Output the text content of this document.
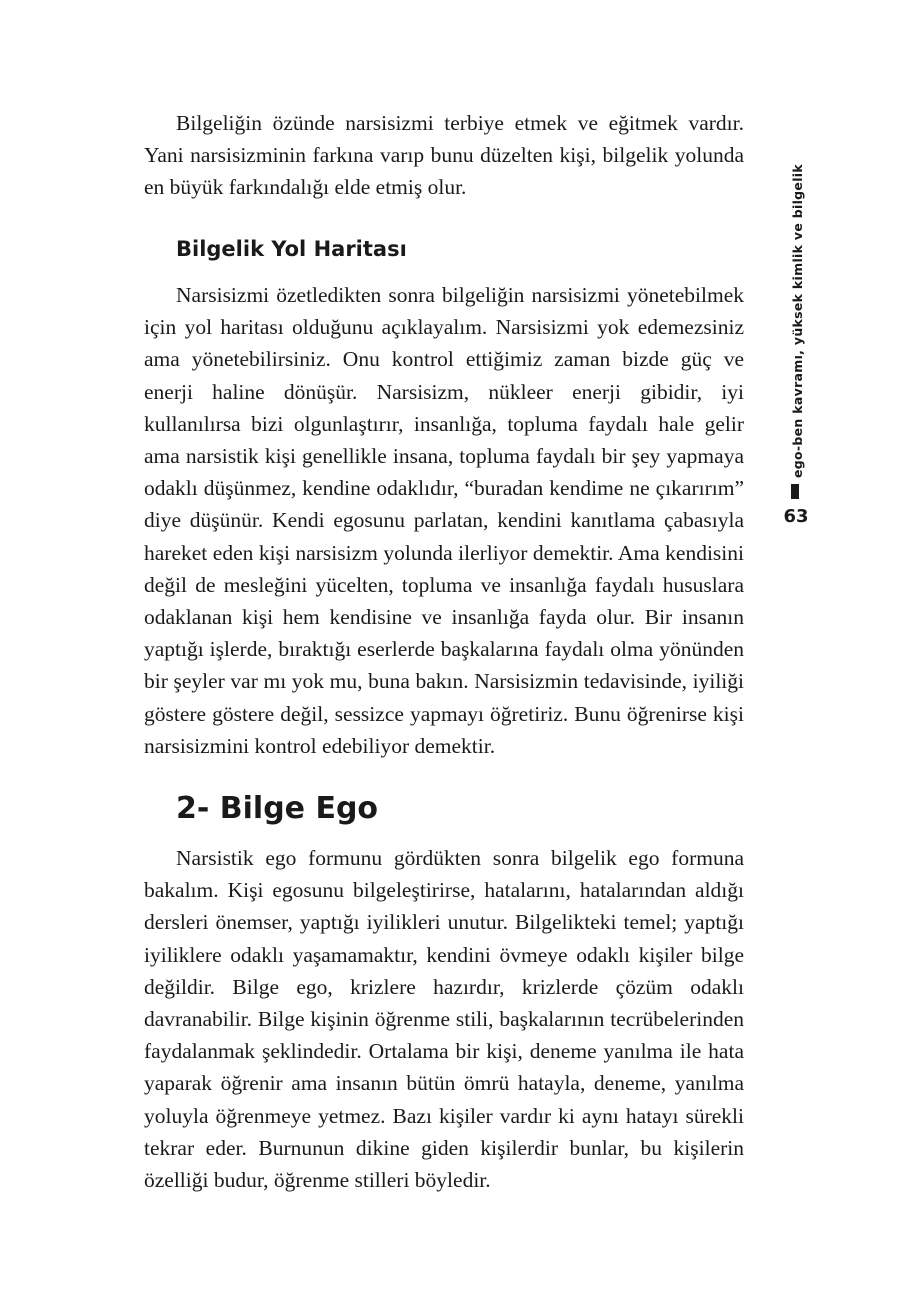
Bilgeliğin özünde narsisizmi terbiye etmek ve eğitmek vardır. Yani narsisizminin farkına varıp bunu düzelten kişi, bilgelik yolunda en büyük farkındalığı elde etmiş olur.

Bilgelik Yol Haritası

Narsisizmi özetledikten sonra bilgeliğin narsisizmi yönetebilmek için yol haritası olduğunu açıklayalım. Narsisizmi yok edemezsiniz ama yönetebilirsiniz. Onu kontrol ettiğimiz zaman bizde güç ve enerji haline dönüşür. Narsisizm, nükleer enerji gibidir, iyi kullanılırsa bizi olgunlaştırır, insanlığa, topluma faydalı hale gelir ama narsistik kişi genellikle insana, topluma faydalı bir şey yapmaya odaklı düşünmez, kendine odaklıdır, “buradan kendime ne çıkarırım” diye düşünür. Kendi egosunu parlatan, kendini kanıtlama çabasıyla hareket eden kişi narsisizm yolunda ilerliyor demektir. Ama kendisini değil de mesleğini yücelten, topluma ve insanlığa faydalı hususlara odaklanan kişi hem kendisine ve insanlığa fayda olur. Bir insanın yaptığı işlerde, bıraktığı eserlerde başkalarına faydalı olma yönünden bir şeyler var mı yok mu, buna bakın. Narsisizmin tedavisinde, iyiliği göstere göstere değil, sessizce yapmayı öğretiriz. Bunu öğrenirse kişi narsisizmini kontrol edebiliyor demektir.

2- Bilge Ego

Narsistik ego formunu gördükten sonra bilgelik ego formuna bakalım. Kişi egosunu bilgeleştirirse, hatalarını, hatalarından aldığı dersleri önemser, yaptığı iyilikleri unutur. Bilgelikteki temel; yaptığı iyiliklere odaklı yaşamamaktır, kendini övmeye odaklı kişiler bilge değildir. Bilge ego, krizlere hazırdır, krizlerde çözüm odaklı davranabilir. Bilge kişinin öğrenme stili, başkalarının tecrübelerinden faydalanmak şeklindedir. Ortalama bir kişi, deneme yanılma ile hata yaparak öğrenir ama insanın bütün ömrü hatayla, deneme, yanılma yoluyla öğrenmeye yetmez. Bazı kişiler vardır ki aynı hatayı sürekli tekrar eder. Burnunun dikine giden kişilerdir bunlar, bu kişilerin özelliği budur, öğrenme stilleri böyledir.

ego-ben kavramı, yüksek kimlik ve bilgelik
63
